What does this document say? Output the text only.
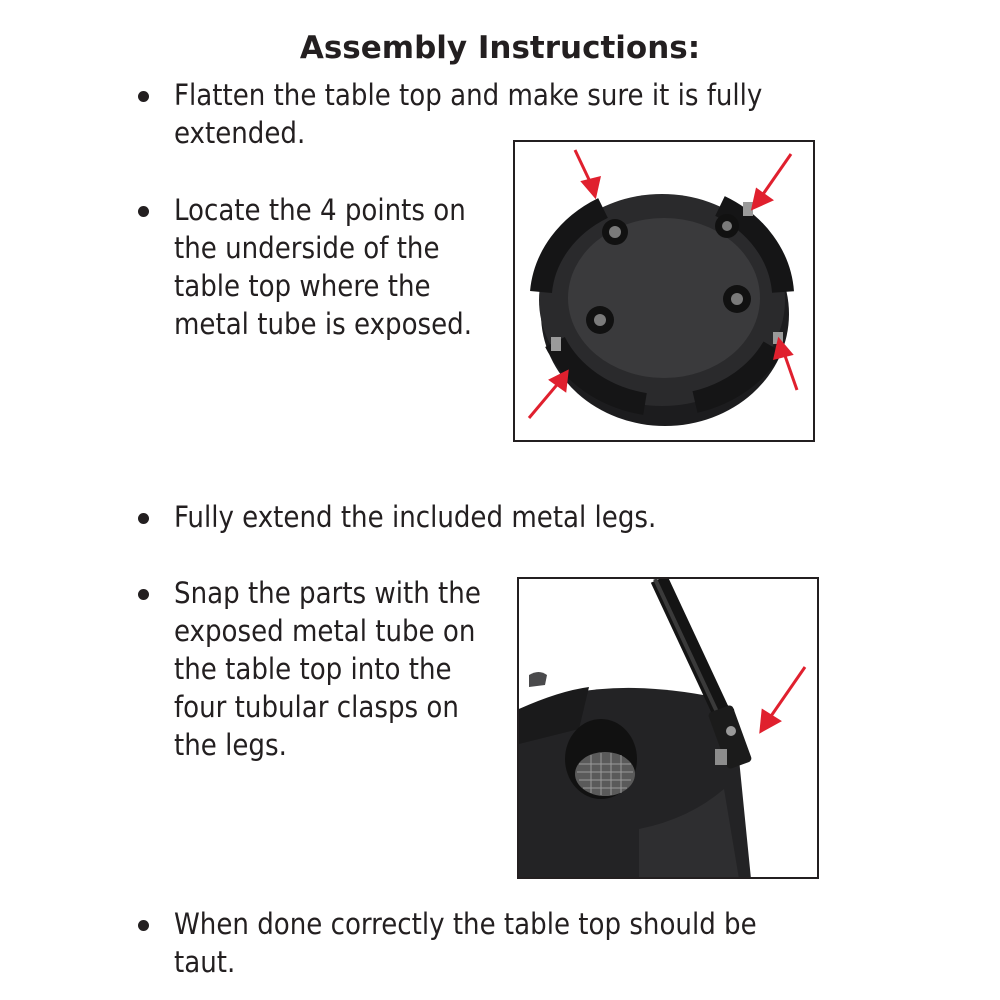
Assembly Instructions:
Flatten the table top and make sure it is fully
extended.
Locate the 4 points on
the underside of the
table top where the
metal tube is exposed.
Fully extend the included metal legs.
Snap the parts with the
exposed metal tube on
the table top into the
four tubular clasps on
the legs.
When done correctly the table top should be
taut.
